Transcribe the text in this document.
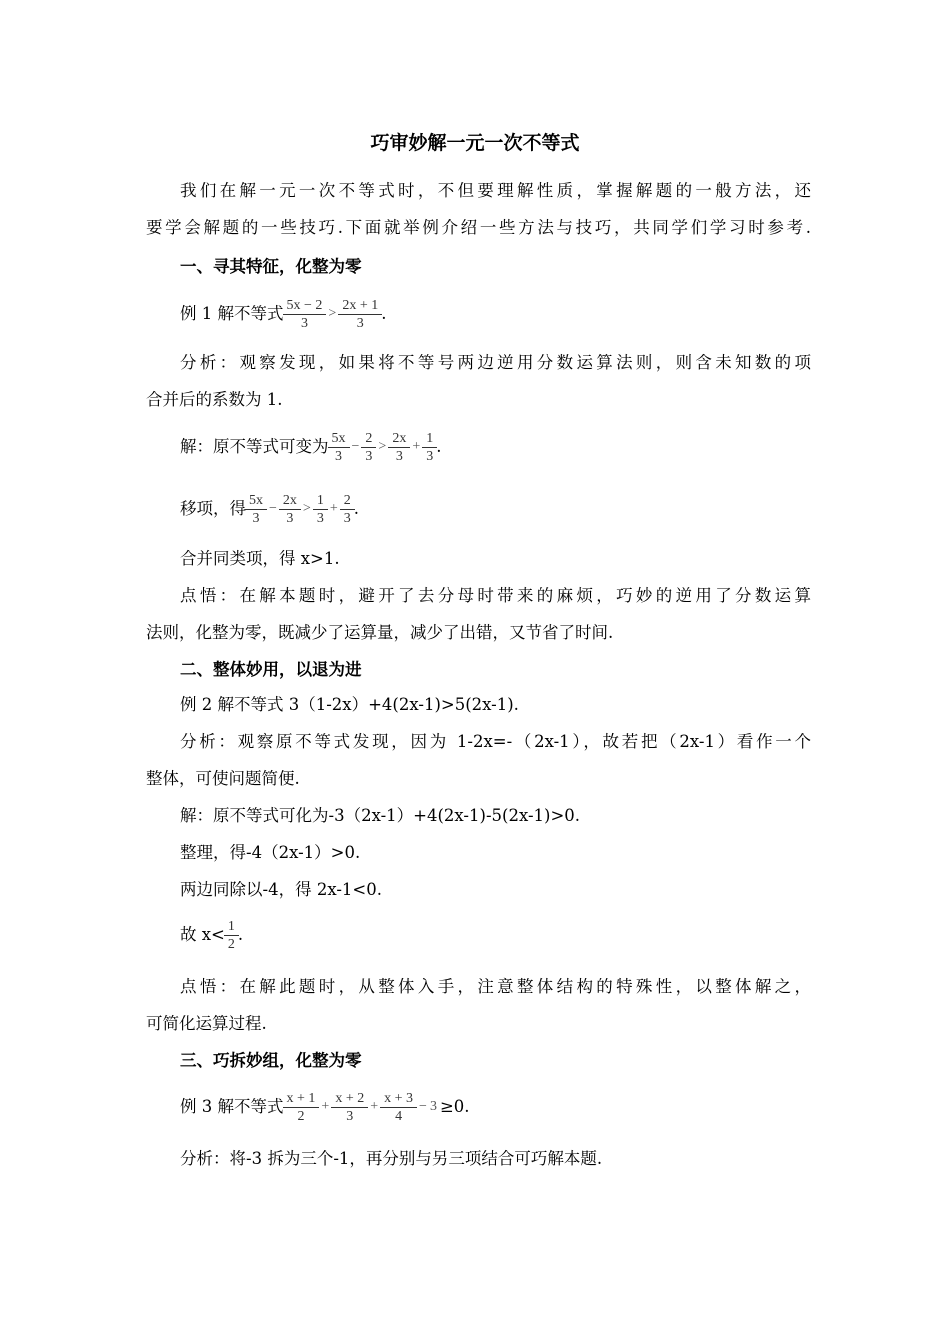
巧审妙解一元一次不等式
我们在解一元一次不等式时，不但要理解性质，掌握解题的一般方法，还
要学会解题的一些技巧.下面就举例介绍一些方法与技巧，共同学们学习时参考.
一、寻其特征，化整为零
例 1 解不等式 $\frac{5x - 2}{3} > \frac{2x + 1}{3}$ .
分析：观察发现，如果将不等号两边逆用分数运算法则，则含未知数的项
合并后的系数为 1.
解：原不等式可变为 $\frac{5x}{3} - \frac{2}{3} > \frac{2x}{3} + \frac{1}{3}$ .
移项，得 $\frac{5x}{3} - \frac{2x}{3} > \frac{1}{3} + \frac{2}{3}$ .
合并同类项，得 x>1.
点悟：在解本题时，避开了去分母时带来的麻烦，巧妙的逆用了分数运算
法则，化整为零，既减少了运算量，减少了出错，又节省了时间.
二、整体妙用，以退为进
例 2 解不等式 3（1-2x）+4(2x-1)>5(2x-1).
分析：观察原不等式发现，因为 1-2x=-（2x-1），故若把（2x-1）看作一个
整体，可使问题简便.
解：原不等式可化为-3（2x-1）+4(2x-1)-5(2x-1)>0.
整理，得-4（2x-1）>0.
两边同除以-4，得 2x-1<0.
故 $x< \frac{1}{2}$ .
点悟：在解此题时，从整体入手，注意整体结构的特殊性，以整体解之，
可简化运算过程.
三、巧拆妙组，化整为零
例 3 解不等式 $\frac{x + 1}{2} + \frac{x + 2}{3} + \frac{x + 3}{4} - 3 \ge 0$.
分析：将-3 拆为三个-1，再分别与另三项结合可巧解本题.
